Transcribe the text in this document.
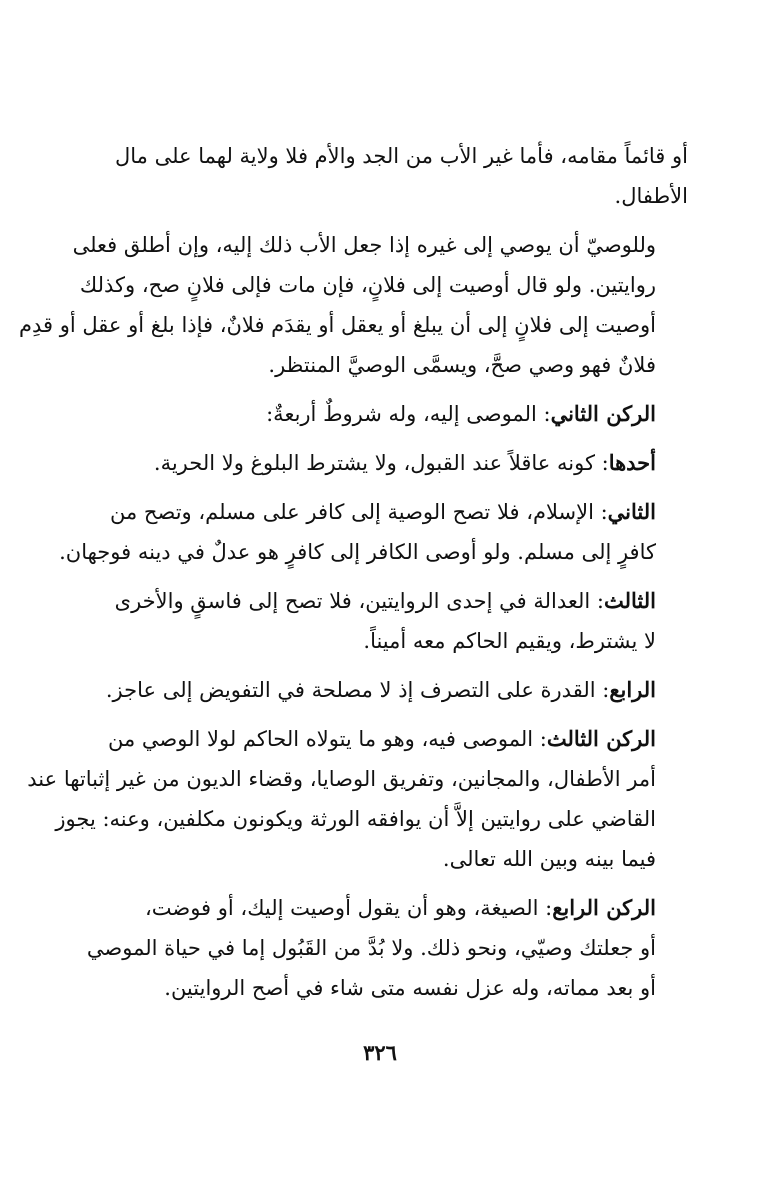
أو قائماً مقامه، فأما غير الأب من الجد والأم فلا ولاية لهما على مال
الأطفال.
وللوصيّ أن يوصي إلى غيره إذا جعل الأب ذلك إليه، وإن أطلق فعلى
روايتين. ولو قال أوصيت إلى فلانٍ، فإن مات فإلى فلانٍ صح، وكذلك
أوصيت إلى فلانٍ إلى أن يبلغ أو يعقل أو يقدَم فلانٌ، فإذا بلغ أو عقل أو قدِم
فلانٌ فهو وصي صحَّ، ويسمَّى الوصيَّ المنتظر.
الركن الثاني: الموصى إليه، وله شروطٌ أربعةٌ:
أحدها: كونه عاقلاً عند القبول، ولا يشترط البلوغ ولا الحرية.
الثاني: الإسلام، فلا تصح الوصية إلى كافر على مسلم، وتصح من
كافرٍ إلى مسلم. ولو أوصى الكافر إلى كافرٍ هو عدلٌ في دينه فوجهان.
الثالث: العدالة في إحدى الروايتين، فلا تصح إلى فاسقٍ والأخرى
لا يشترط، ويقيم الحاكم معه أميناً.
الرابع: القدرة على التصرف إذ لا مصلحة في التفويض إلى عاجز.
الركن الثالث: الموصى فيه، وهو ما يتولاه الحاكم لولا الوصي من
أمر الأطفال، والمجانين، وتفريق الوصايا، وقضاء الديون من غير إثباتها عند
القاضي على روايتين إلاَّ أن يوافقه الورثة ويكونون مكلفين، وعنه: يجوز
فيما بينه وبين الله تعالى.
الركن الرابع: الصيغة، وهو أن يقول أوصيت إليك، أو فوضت،
أو جعلتك وصيّي، ونحو ذلك. ولا بُدَّ من القَبُول إما في حياة الموصي
أو بعد مماته، وله عزل نفسه متى شاء في أصح الروايتين.
٣٢٦
